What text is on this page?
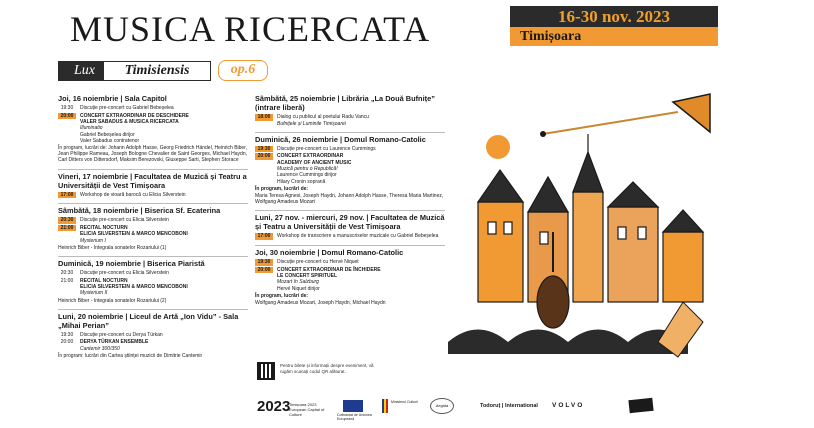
MUSICA RICERCATA	16-30 nov. 2023
Timișoara
Lux	Timisiensis	op.6
Joi, 16 noiembrie | Sala Capitol
19:30	Discuție pre-concert cu Gabriel Bebeșelea
20:00	CONCERT EXTRAORDINAR DE DESCHIDERE
VALER SABADUS & MUSICA RICERCATA
Illuminatio
Gabriel Bebeșelea dirijor
Valer Sabadus contratenor
În program, lucrări de: Johann Adolph Hasse, Georg Friedrich Händel, Heinrich Biber, Jean Philippe Rameau, Joseph Bologne Chevalier de Saint Georges, Michael Haydn, Carl Ditters von Dittersdorf, Maksim Berezovski, Giuseppe Sarti, Stephen Storace
Vineri, 17 noiembrie | Facultatea de Muzică și Teatru a Universității de Vest Timișoara
17:00	Workshop de vioară barocă cu Elicia Silverstein
Sâmbătă, 18 noiembrie | Biserica Sf. Ecaterina
20:30	Discuție pre-concert cu Elicia Silverstein
21:00	RECITAL NOCTURN
ELICIA SILVERSTEIN & MARCO MENCOBONI
Mysterium I
Heinrich Biber - Integrala sonatelor Rozariului (1)
Duminică, 19 noiembrie | Biserica Piaristă
20:30	Discuție pre-concert cu Elicia Silverstein
21:00	RECITAL NOCTURN
ELICIA SILVERSTEIN & MARCO MENCOBONI
Mysterium II
Heinrich Biber - Integrala sonatelor Rozariului (2)
Luni, 20 noiembrie | Liceul de Artă „Ion Vidu” - Sala „Mihai Perian”
19:30	Discuție pre-concert cu Derya Türkan
20:00	DERYA TÜRKAN ENSEMBLE
Cantemir 300/350
În program: lucrări din Cartea științei muzicii de Dimitrie Cantemir
Sâmbătă, 25 noiembrie | Librăria „La Două Bufnițe” (intrare liberă)
18:00	Dialog cu publicul al poetului Radu Vancu
Bufnițele și Luminile Timișoarei
Duminică, 26 noiembrie | Domul Romano-Catolic
19:30	Discuție pre-concert cu Laurence Cummings
20:00	CONCERT EXTRAORDINAR
ACADEMY OF ANCIENT MUSIC
Muzică pentru o Republică!
Laurence Cummings dirijor
Hilary Cronin soprană
În program, lucrări de:
Maria Teresa Agnesi, Joseph Haydn, Johann Adolph Hasse, Theresa Maria Martinez, Wolfgang Amadeus Mozart
Luni, 27 nov. - miercuri, 29 nov. | Facultatea de Muzică și Teatru a Universității de Vest Timișoara
17:00	Workshop de transcriere a manuscriselor muzicale cu Gabriel Bebeșelea
Joi, 30 noiembrie | Domul Romano-Catolic
19:30	Discuție pre-concert cu Hervé Niquet
20:00	CONCERT EXTRAORDINAR DE ÎNCHIDERE
LE CONCERT SPIRITUEL
Mozart în Salzburg
Hervé Niquet dirijor
În program, lucrări de:
Wolfgang Amadeus Mozart, Joseph Haydn, Michael Haydn
Pentru bilete și informații despre eveniment, vă rugăm scanați codul QR alăturat.
2023
Timișoara 2023 European Capital of Culture	Cofinanțat de Uniunea Europeană
Ministerul Culturii
Aegida	Todoruț | International VOLVO
